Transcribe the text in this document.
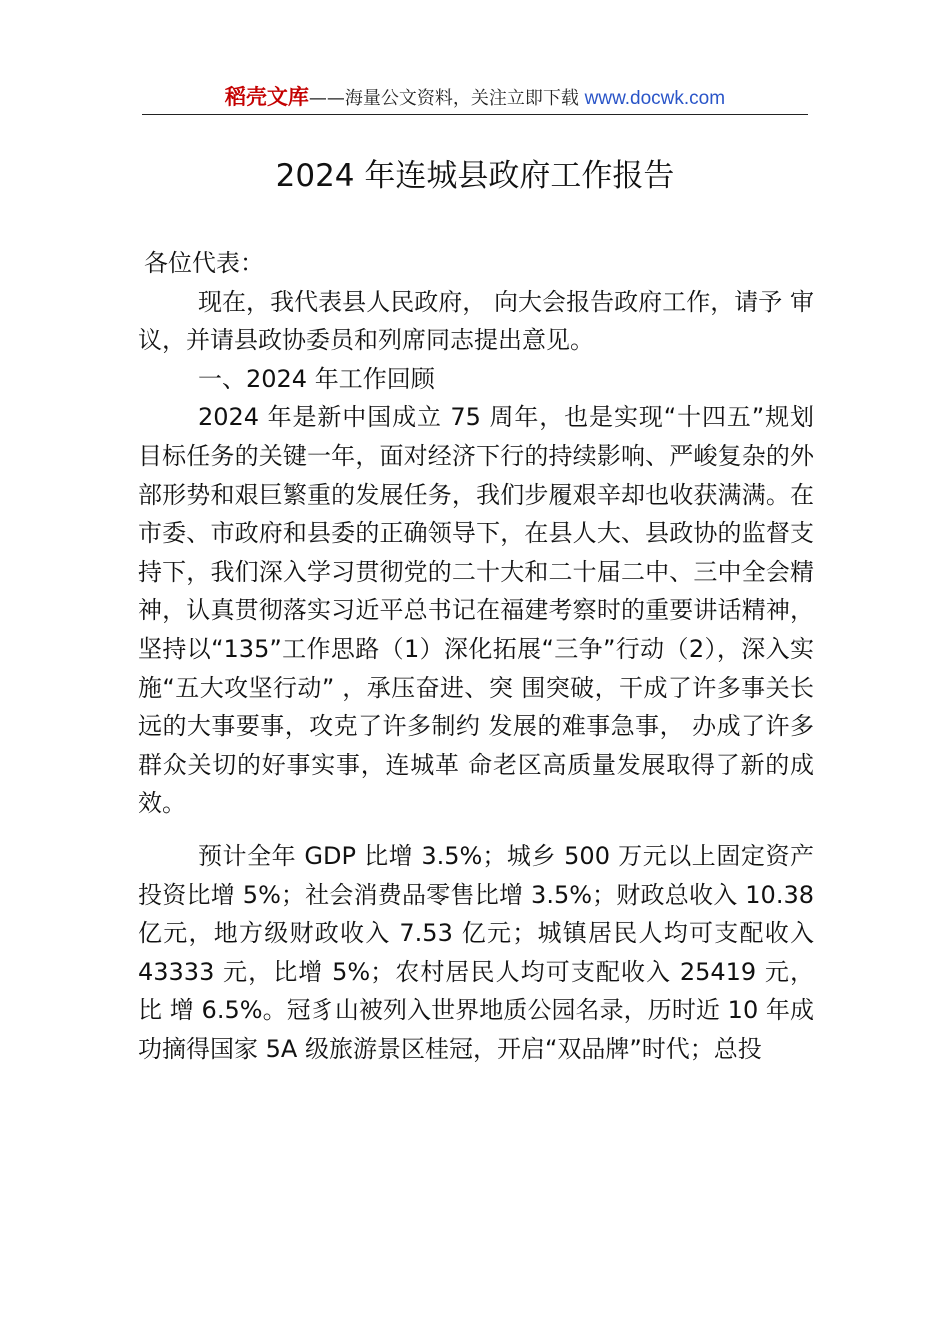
稻壳文库——海量公文资料，关注立即下载 www.docwk.com
2024 年连城县政府工作报告

各位代表：

现在，我代表县人民政府， 向大会报告政府工作，请予 审议，并请县政协委员和列席同志提出意见。

一、2024 年工作回顾

2024 年是新中国成立 75 周年，也是实现“十四五”规划目标任务的关键一年，面对经济下行的持续影响、严峻复杂的外部形势和艰巨繁重的发展任务，我们步履艰辛却也收获满满。在市委、市政府和县委的正确领导下，在县人大、县政协的监督支持下，我们深入学习贯彻党的二十大和二十届二中、三中全会精神，认真贯彻落实习近平总书记在福建考察时的重要讲话精神，坚持以“135”工作思路（1）深化拓展“三争”行动（2），深入实施“五大攻坚行动” ，承压奋进、突 围突破，干成了许多事关长远的大事要事，攻克了许多制约 发展的难事急事， 办成了许多群众关切的好事实事，连城革 命老区高质量发展取得了新的成效。

预计全年 GDP 比增 3.5%；城乡 500 万元以上固定资产投资比增 5%；社会消费品零售比增 3.5%；财政总收入 10.38亿元，地方级财政收入 7.53 亿元；城镇居民人均可支配收入 43333 元，比增 5%；农村居民人均可支配收入 25419 元，比 增 6.5%。冠豸山被列入世界地质公园名录，历时近 10 年成 功摘得国家 5A 级旅游景区桂冠，开启“双品牌”时代；总投
